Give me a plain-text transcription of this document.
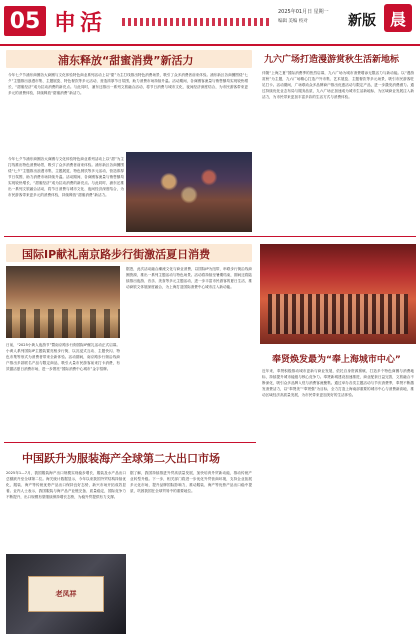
05 申活	2025年01月日 星期一
编辑 美编 校对	新版 晨
浦东释放“甜蜜消费”新活力
今年七夕节浦东商圈各大商圈与文化体验特色商业系列活动上以“甜”为主打线推出特色消费场景，吸引了众多消费者前来体验。浦东新区各商圈围绕“七夕”主题推出浪漫市集、主题展览、特色餐饮等多元活动，营造浓厚节日氛围，助力消费市场持续升温。活动期间，各商圈客流量与销售额均实现较快增长，“甜蜜经济”成为拉动消费的新亮点。与此同时，浦东还推出一系列文旅融合活动，将节日消费与城市文化、夜间经济深度结合，为市民游客带来更多元的消费体验，持续释放“甜蜜消费”新活力。
今年七夕节浦东商圈各大商圈与文化体验特色商业系列活动上以“甜”为主打线推出特色消费场景，吸引了众多消费者前来体验。浦东新区各商圈围绕“七夕”主题推出浪漫市集、主题展览、特色餐饮等多元活动，营造浓厚节日氛围，助力消费市场持续升温。活动期间，各商圈客流量与销售额均实现较快增长，“甜蜜经济”成为拉动消费的新亮点。与此同时，浦东还推出一系列文旅融合活动，将节日消费与城市文化、夜间经济深度结合，为市民游客带来更多元的消费体验，持续释放“甜蜜消费”新活力。
九六广场打造漫游赏秋生活新地标
伴随“上海之夏”国际消费季的热烈启幕，九六广场为城市消费增添无限活力与新动能。以“漫游赏秋”为主题，九六广场精心打造户外市集、艺术展览、主题餐饮等多元场景，吸引市民游客驻足打卡。活动期间，广场联动众多品牌商户推出优惠活动与限定产品，进一步激发消费潜力。通过持续优化业态布局与服务品质，九六广场正加速成为城市生活新地标，为区域商业发展注入新活力，为市民带来更加丰富多彩的生活方式与消费体验。
国际IP献礼南京路步行街激活夏日消费
日前，“2025小黄人夜游节”暨南京路步行街国际IP献礼活动正式启幕。小黄人系列国际IP主题装置亮相步行街，以沉浸式互动、主题快闪、特色市集等形式为消费者带来全新体验。活动期间，南京路步行街沿线商户推出多款联名产品与限定商品，吸引大量市民游客前来打卡消费，有效激活夏日消费市场，进一步擦亮“国际消费中心城市”金字招牌。
据悉，此次活动融合潮流文化与商业消费，以国际IP为纽带，串联步行街沿线商圈资源，推出一系列主题活动与特色场景。活动将持续至暑期结束，期间还将陆续推出夜游、音乐、美食等多元主题活动，进一步丰富市民游客的夏日生活，推动商旅文体展深度融合，为上海打造国际消费中心城市注入新动能。
奉贤焕发最为“奉上海城市中心”
近年来，奉贤积极推动城市更新与商业发展，依托自身资源禀赋，打造多个特色商圈与消费地标，持续提升城市能级与核心竞争力。奉贤新城建设加速推进，商业配套日益完善，文旅融合不断深化，吸引众多品牌入驻与消费客流聚集。通过举办各类主题活动与节庆消费季，奉贤不断激发消费活力，以“奉贤美”“奉贤强”为目标，全力打造上海南部重要的城市中心与消费新高地，推动区域经济高质量发展，为市民带来更加美好的生活体验。
中国跃升为服装海产全球第二大出口市场
2025年1—7月，我国服装海产出口规模实现稳步增长，服装及水产品出口总额跃升至全球第二位。海关统计数据显示，今年以来我国外贸结构持续优化，服装、海产等传统优势产品出口保持良好态势，新兴市场开拓成效显著。业内人士表示，我国服装与海产品产业链完备、质量稳定，国际竞争力不断提升，出口规模有望继续保持增长态势，为稳外贸提供有力支撑。
老凤祥
据了解，我国持续推进外贸高质量发展，加快培育外贸新动能，推动传统产业转型升级。下一步，相关部门将进一步优化外贸营商环境，支持企业拓展多元化市场，提升品牌国际影响力，推动服装、海产等优势产品出口稳中提质，巩固我国在全球贸易中的重要地位。
